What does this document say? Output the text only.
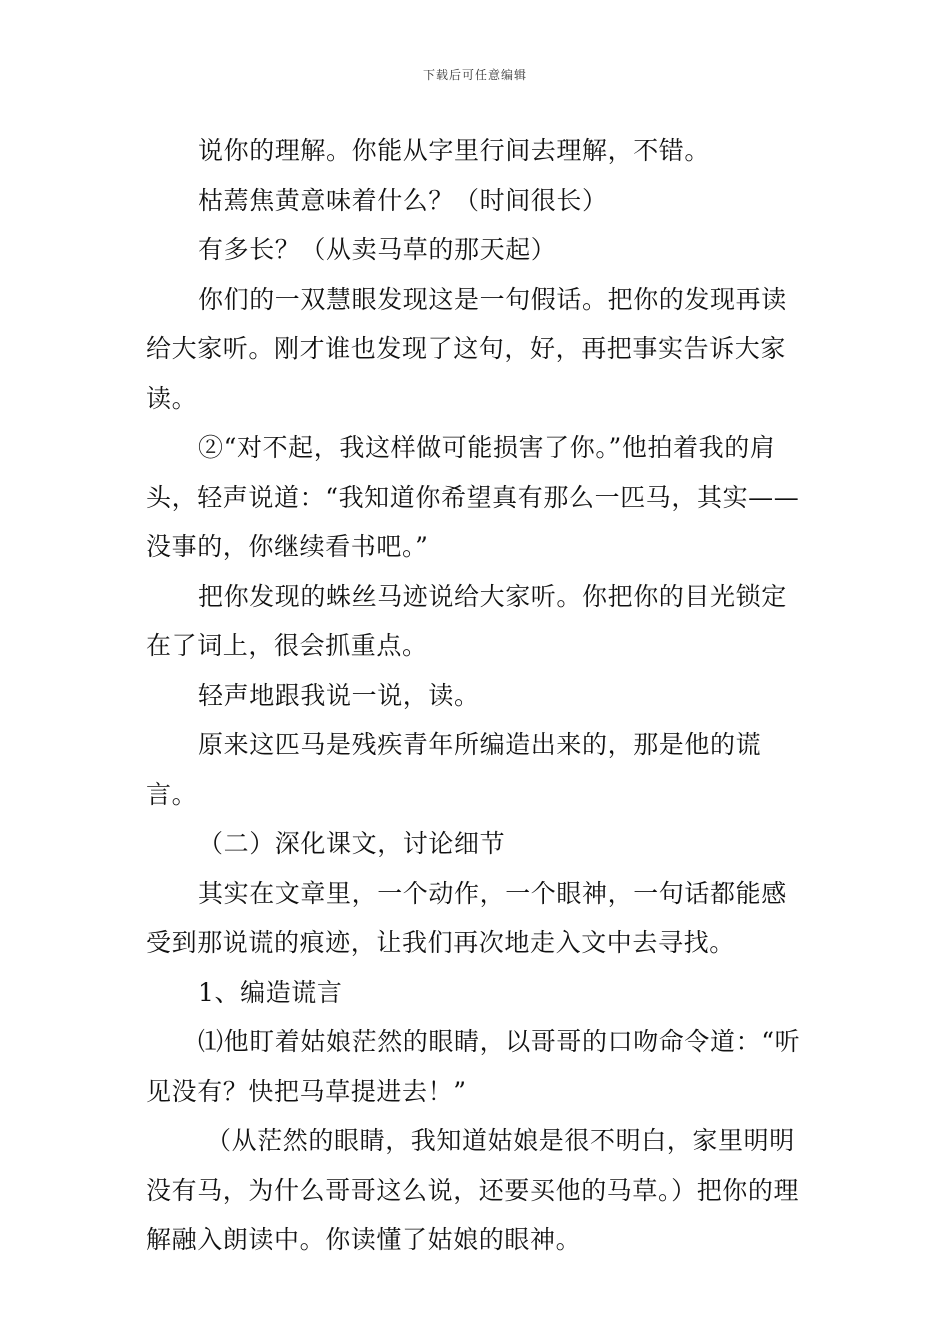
下载后可任意编辑

说你的理解。你能从字里行间去理解，不错。

枯蔫焦黄意味着什么？（时间很长）

有多长？（从卖马草的那天起）

你们的一双慧眼发现这是一句假话。把你的发现再读给大家听。刚才谁也发现了这句，好，再把事实告诉大家读。

②“对不起，我这样做可能损害了你。”他拍着我的肩头，轻声说道：“我知道你希望真有那么一匹马，其实——没事的，你继续看书吧。”

把你发现的蛛丝马迹说给大家听。你把你的目光锁定在了词上，很会抓重点。

轻声地跟我说一说，读。

原来这匹马是残疾青年所编造出来的，那是他的谎言。

（二）深化课文，讨论细节

其实在文章里，一个动作，一个眼神，一句话都能感受到那说谎的痕迹，让我们再次地走入文中去寻找。

1、编造谎言

⑴他盯着姑娘茫然的眼睛，以哥哥的口吻命令道：“听见没有？快把马草提进去！”

（从茫然的眼睛，我知道姑娘是很不明白，家里明明没有马，为什么哥哥这么说，还要买他的马草。）把你的理解融入朗读中。你读懂了姑娘的眼神。
